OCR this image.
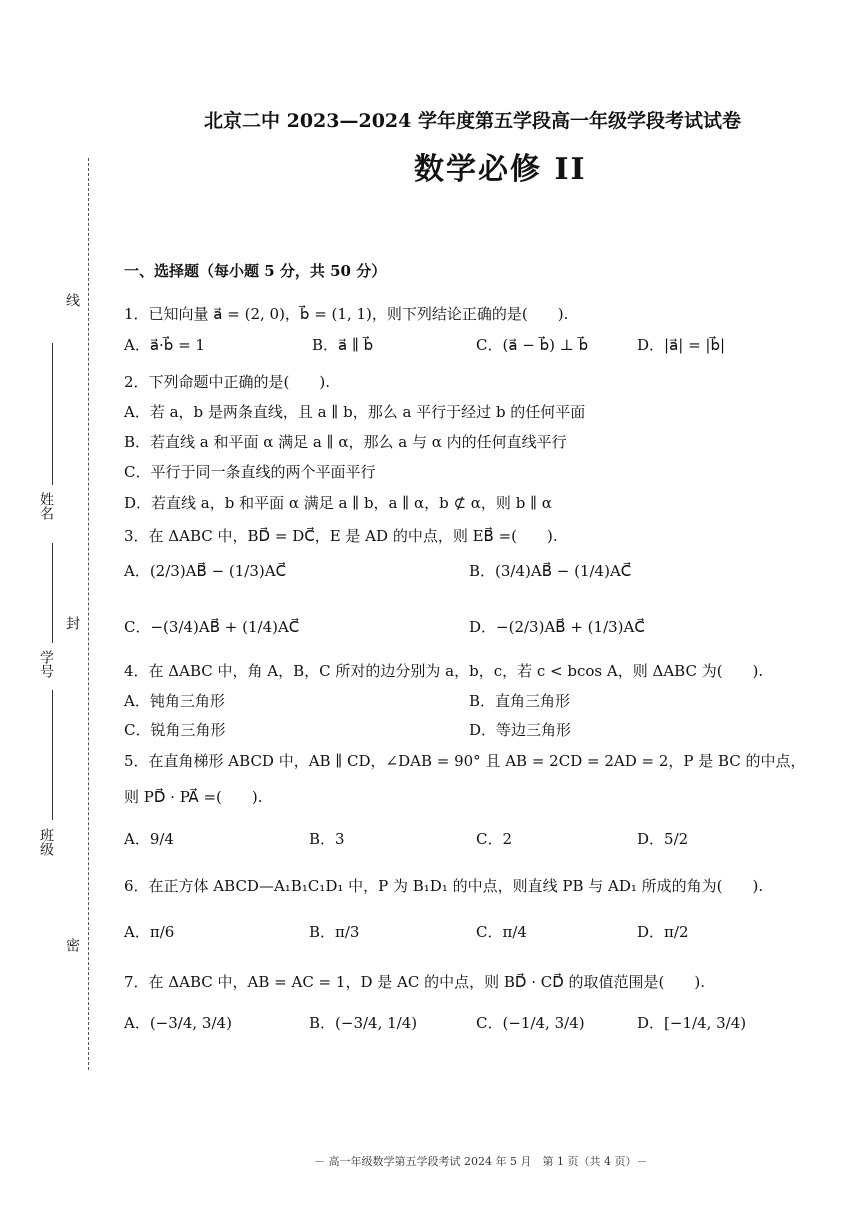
北京二中 2023—2024 学年度第五学段高一年级学段考试试卷
数学必修 II
线
姓名
封
学号
班级
密
一、选择题（每小题 5 分，共 50 分）
1．已知向量 a⃗ = (2, 0)，b⃗ = (1, 1)，则下列结论正确的是(　　).
A．a⃗·b⃗ = 1	B．a⃗ ∥ b⃗	C．(a⃗ − b⃗) ⊥ b⃗	D．|a⃗| = |b⃗|
2．下列命题中正确的是(　　).
A．若 a，b 是两条直线，且 a ∥ b，那么 a 平行于经过 b 的任何平面
B．若直线 a 和平面 α 满足 a ∥ α，那么 a 与 α 内的任何直线平行
C．平行于同一条直线的两个平面平行
D．若直线 a，b 和平面 α 满足 a ∥ b，a ∥ α，b ⊄ α，则 b ∥ α
3．在 ΔABC 中，BD⃗ = DC⃗，E 是 AD 的中点，则 EB⃗ =(　　).
A．(2/3)AB⃗ − (1/3)AC⃗	B．(3/4)AB⃗ − (1/4)AC⃗
C．−(3/4)AB⃗ + (1/4)AC⃗	D．−(2/3)AB⃗ + (1/3)AC⃗
4．在 ΔABC 中，角 A，B，C 所对的边分别为 a，b，c，若 c < bcos A，则 ΔABC 为(　　).
A．钝角三角形	B．直角三角形
C．锐角三角形	D．等边三角形
5．在直角梯形 ABCD 中，AB ∥ CD，∠DAB = 90° 且 AB = 2CD = 2AD = 2，P 是 BC 的中点，
则 PD⃗ · PA⃗ =(　　).
A．9/4	B．3	C．2	D．5/2
6．在正方体 ABCD—A₁B₁C₁D₁ 中，P 为 B₁D₁ 的中点，则直线 PB 与 AD₁ 所成的角为(　　).
A．π/6	B．π/3	C．π/4	D．π/2
7．在 ΔABC 中，AB = AC = 1，D 是 AC 的中点，则 BD⃗ · CD⃗ 的取值范围是(　　).
A．(−3/4, 3/4)	B．(−3/4, 1/4)	C．(−1/4, 3/4)	D．[−1/4, 3/4)
－ 高一年级数学第五学段考试 2024 年 5 月　第 1 页（共 4 页）－
